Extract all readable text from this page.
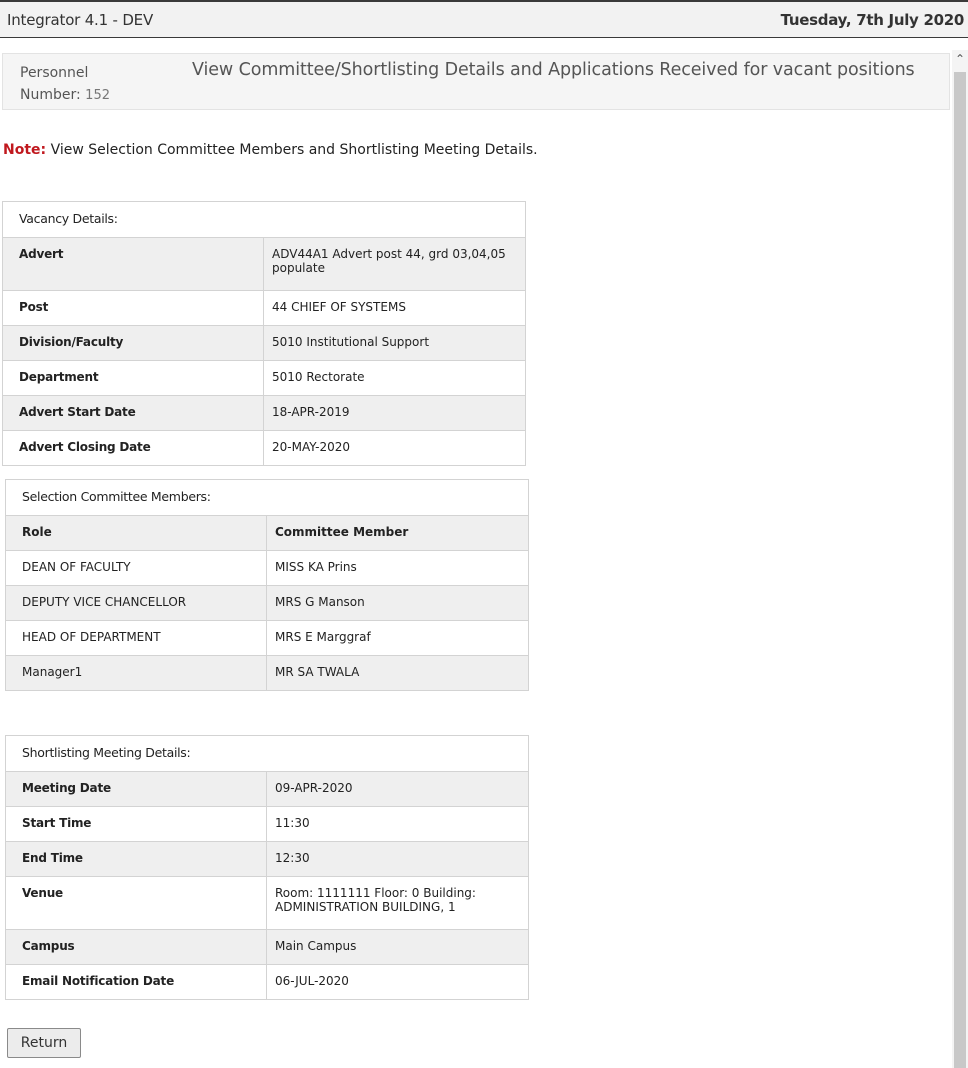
Integrator 4.1 - DEV	Tuesday, 7th July 2020
⌃
Personnel
Number: 152
View Committee/Shortlisting Details and Applications Received for vacant positions
Note: View Selection Committee Members and Shortlisting Meeting Details.
Vacancy Details:	
Advert	ADV44A1 Advert post 44, grd 03,04,05 populate
Post	44 CHIEF OF SYSTEMS
Division/Faculty	5010 Institutional Support
Department	5010 Rectorate
Advert Start Date	18-APR-2019
Advert Closing Date	20-MAY-2020
Selection Committee Members:	
Role	Committee Member
DEAN OF FACULTY	MISS KA Prins
DEPUTY VICE CHANCELLOR	MRS G Manson
HEAD OF DEPARTMENT	MRS E Marggraf
Manager1	MR SA TWALA
Shortlisting Meeting Details:	
Meeting Date	09-APR-2020
Start Time	11:30
End Time	12:30
Venue	Room: 1111111 Floor: 0 Building: ADMINISTRATION BUILDING, 1
Campus	Main Campus
Email Notification Date	06-JUL-2020
Return
